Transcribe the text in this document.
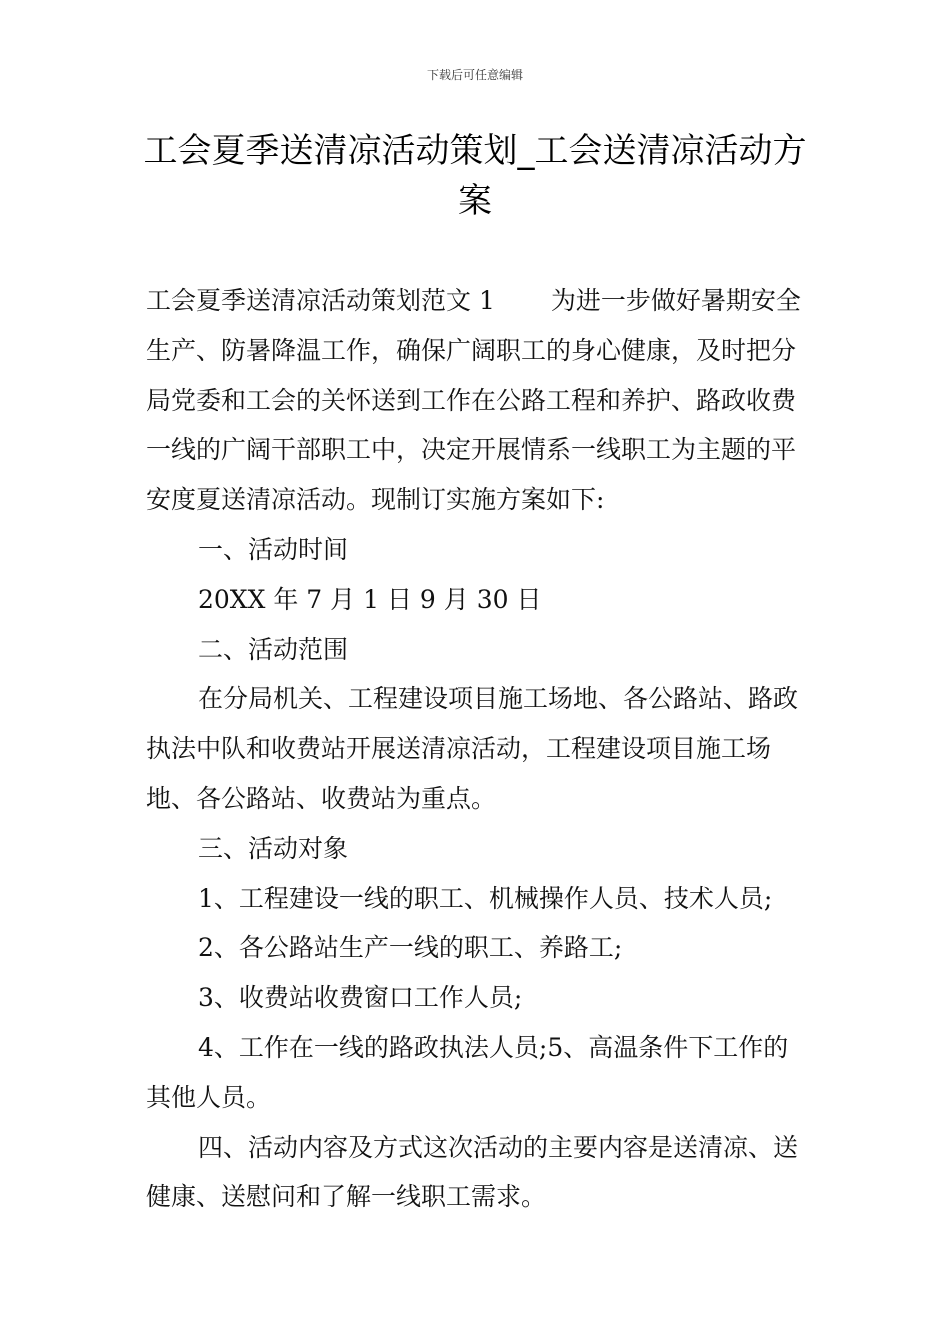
下载后可任意编辑
工会夏季送清凉活动策划_工会送清凉活动方案

工会夏季送清凉活动策划范文 1 为进一步做好暑期安全生产、防暑降温工作，确保广阔职工的身心健康，及时把分局党委和工会的关怀送到工作在公路工程和养护、路政收费一线的广阔干部职工中，决定开展情系一线职工为主题的平安度夏送清凉活动。现制订实施方案如下:

一、活动时间

20XX 年 7 月 1 日 9 月 30 日

二、活动范围

在分局机关、工程建设项目施工场地、各公路站、路政执法中队和收费站开展送清凉活动，工程建设项目施工场地、各公路站、收费站为重点。

三、活动对象

1、工程建设一线的职工、机械操作人员、技术人员;

2、各公路站生产一线的职工、养路工;

3、收费站收费窗口工作人员;

4、工作在一线的路政执法人员;5、高温条件下工作的其他人员。

四、活动内容及方式这次活动的主要内容是送清凉、送健康、送慰问和了解一线职工需求。
